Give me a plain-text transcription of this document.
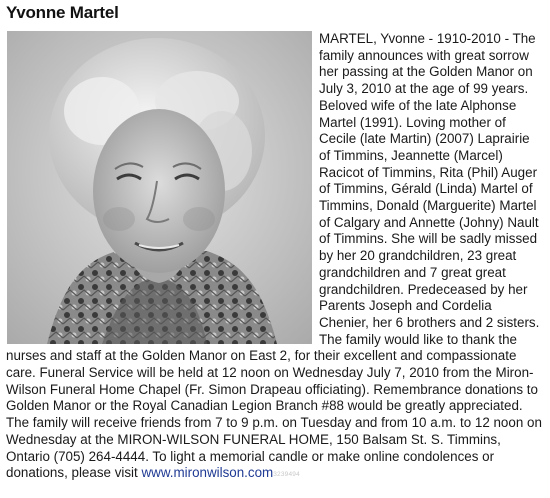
Yvonne Martel

MARTEL, Yvonne - 1910-2010 - The family announces with great sorrow her passing at the Golden Manor on July 3, 2010 at the age of 99 years. Beloved wife of the late Alphonse Martel (1991). Loving mother of Cecile (late Martin) (2007) Laprairie of Timmins, Jeannette (Marcel) Racicot of Timmins, Rita (Phil) Auger of Timmins, Gérald (Linda) Martel of Timmins, Donald (Marguerite) Martel of Calgary and Annette (Johny) Nault of Timmins. She will be sadly missed by her 20 grandchildren, 23 great grandchildren and 7 great great grandchildren. Predeceased by her Parents Joseph and Cordelia Chenier, her 6 brothers and 2 sisters. The family would like to thank the nurses and staff at the Golden Manor on East 2, for their excellent and compassionate care. Funeral Service will be held at 12 noon on Wednesday July 7, 2010 from the Miron-Wilson Funeral Home Chapel (Fr. Simon Drapeau officiating). Remembrance donations to Golden Manor or the Royal Canadian Legion Branch #88 would be greatly appreciated. The family will receive friends from 7 to 9 p.m. on Tuesday and from 10 a.m. to 12 noon on Wednesday at the MIRON-WILSON FUNERAL HOME, 150 Balsam St. S. Timmins, Ontario (705) 264-4444. To light a memorial candle or make online condolences or donations, please visit www.mironwilson.com3239494
